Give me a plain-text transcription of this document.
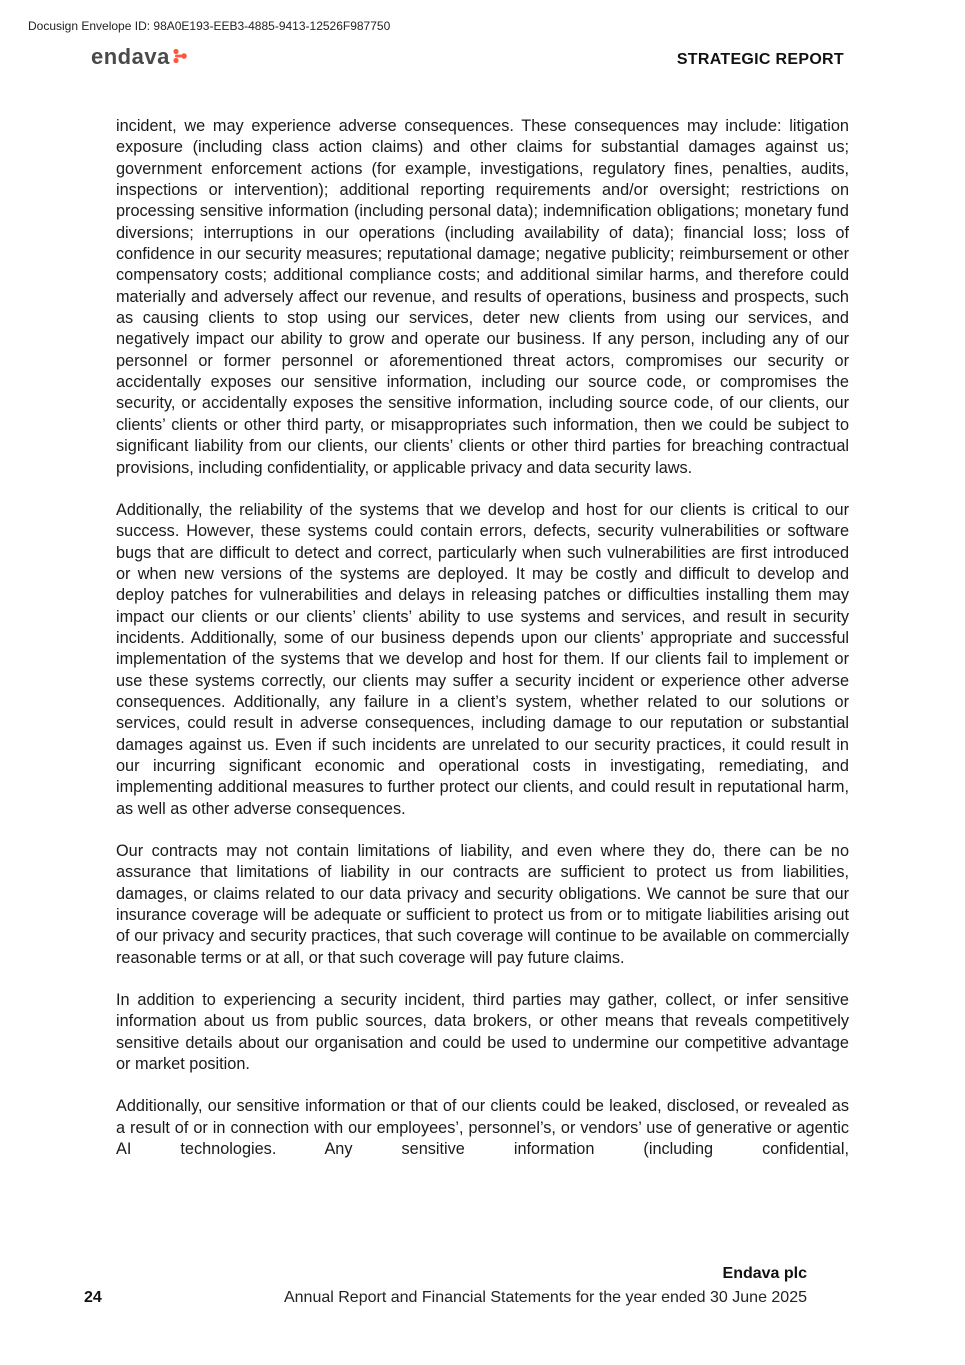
Docusign Envelope ID: 98A0E193-EEB3-4885-9413-12526F987750
endava	STRATEGIC REPORT

incident, we may experience adverse consequences. These consequences may include: litigation exposure (including class action claims) and other claims for substantial damages against us; government enforcement actions (for example, investigations, regulatory fines, penalties, audits, inspections or intervention); additional reporting requirements and/or oversight; restrictions on processing sensitive information (including personal data); indemnification obligations; monetary fund diversions; interruptions in our operations (including availability of data); financial loss; loss of confidence in our security measures; reputational damage; negative publicity; reimbursement or other compensatory costs; additional compliance costs; and additional similar harms, and therefore could materially and adversely affect our revenue, and results of operations, business and prospects, such as causing clients to stop using our services, deter new clients from using our services, and negatively impact our ability to grow and operate our business. If any person, including any of our personnel or former personnel or aforementioned threat actors, compromises our security or accidentally exposes our sensitive information, including our source code, or compromises the security, or accidentally exposes the sensitive information, including source code, of our clients, our clients’ clients or other third party, or misappropriates such information, then we could be subject to significant liability from our clients, our clients’ clients or other third parties for breaching contractual provisions, including confidentiality, or applicable privacy and data security laws.

Additionally, the reliability of the systems that we develop and host for our clients is critical to our success. However, these systems could contain errors, defects, security vulnerabilities or software bugs that are difficult to detect and correct, particularly when such vulnerabilities are first introduced or when new versions of the systems are deployed. It may be costly and difficult to develop and deploy patches for vulnerabilities and delays in releasing patches or difficulties installing them may impact our clients or our clients’ clients’ ability to use systems and services, and result in security incidents. Additionally, some of our business depends upon our clients’ appropriate and successful implementation of the systems that we develop and host for them. If our clients fail to implement or use these systems correctly, our clients may suffer a security incident or experience other adverse consequences. Additionally, any failure in a client’s system, whether related to our solutions or services, could result in adverse consequences, including damage to our reputation or substantial damages against us. Even if such incidents are unrelated to our security practices, it could result in our incurring significant economic and operational costs in investigating, remediating, and implementing additional measures to further protect our clients, and could result in reputational harm, as well as other adverse consequences.

Our contracts may not contain limitations of liability, and even where they do, there can be no assurance that limitations of liability in our contracts are sufficient to protect us from liabilities, damages, or claims related to our data privacy and security obligations. We cannot be sure that our insurance coverage will be adequate or sufficient to protect us from or to mitigate liabilities arising out of our privacy and security practices, that such coverage will continue to be available on commercially reasonable terms or at all, or that such coverage will pay future claims.

In addition to experiencing a security incident, third parties may gather, collect, or infer sensitive information about us from public sources, data brokers, or other means that reveals competitively sensitive details about our organisation and could be used to undermine our competitive advantage or market position.

Additionally, our sensitive information or that of our clients could be leaked, disclosed, or revealed as a result of or in connection with our employees’, personnel’s, or vendors’ use of generative or agentic AI technologies. Any sensitive information (including confidential,

Endava plc
24	Annual Report and Financial Statements for the year ended 30 June 2025
